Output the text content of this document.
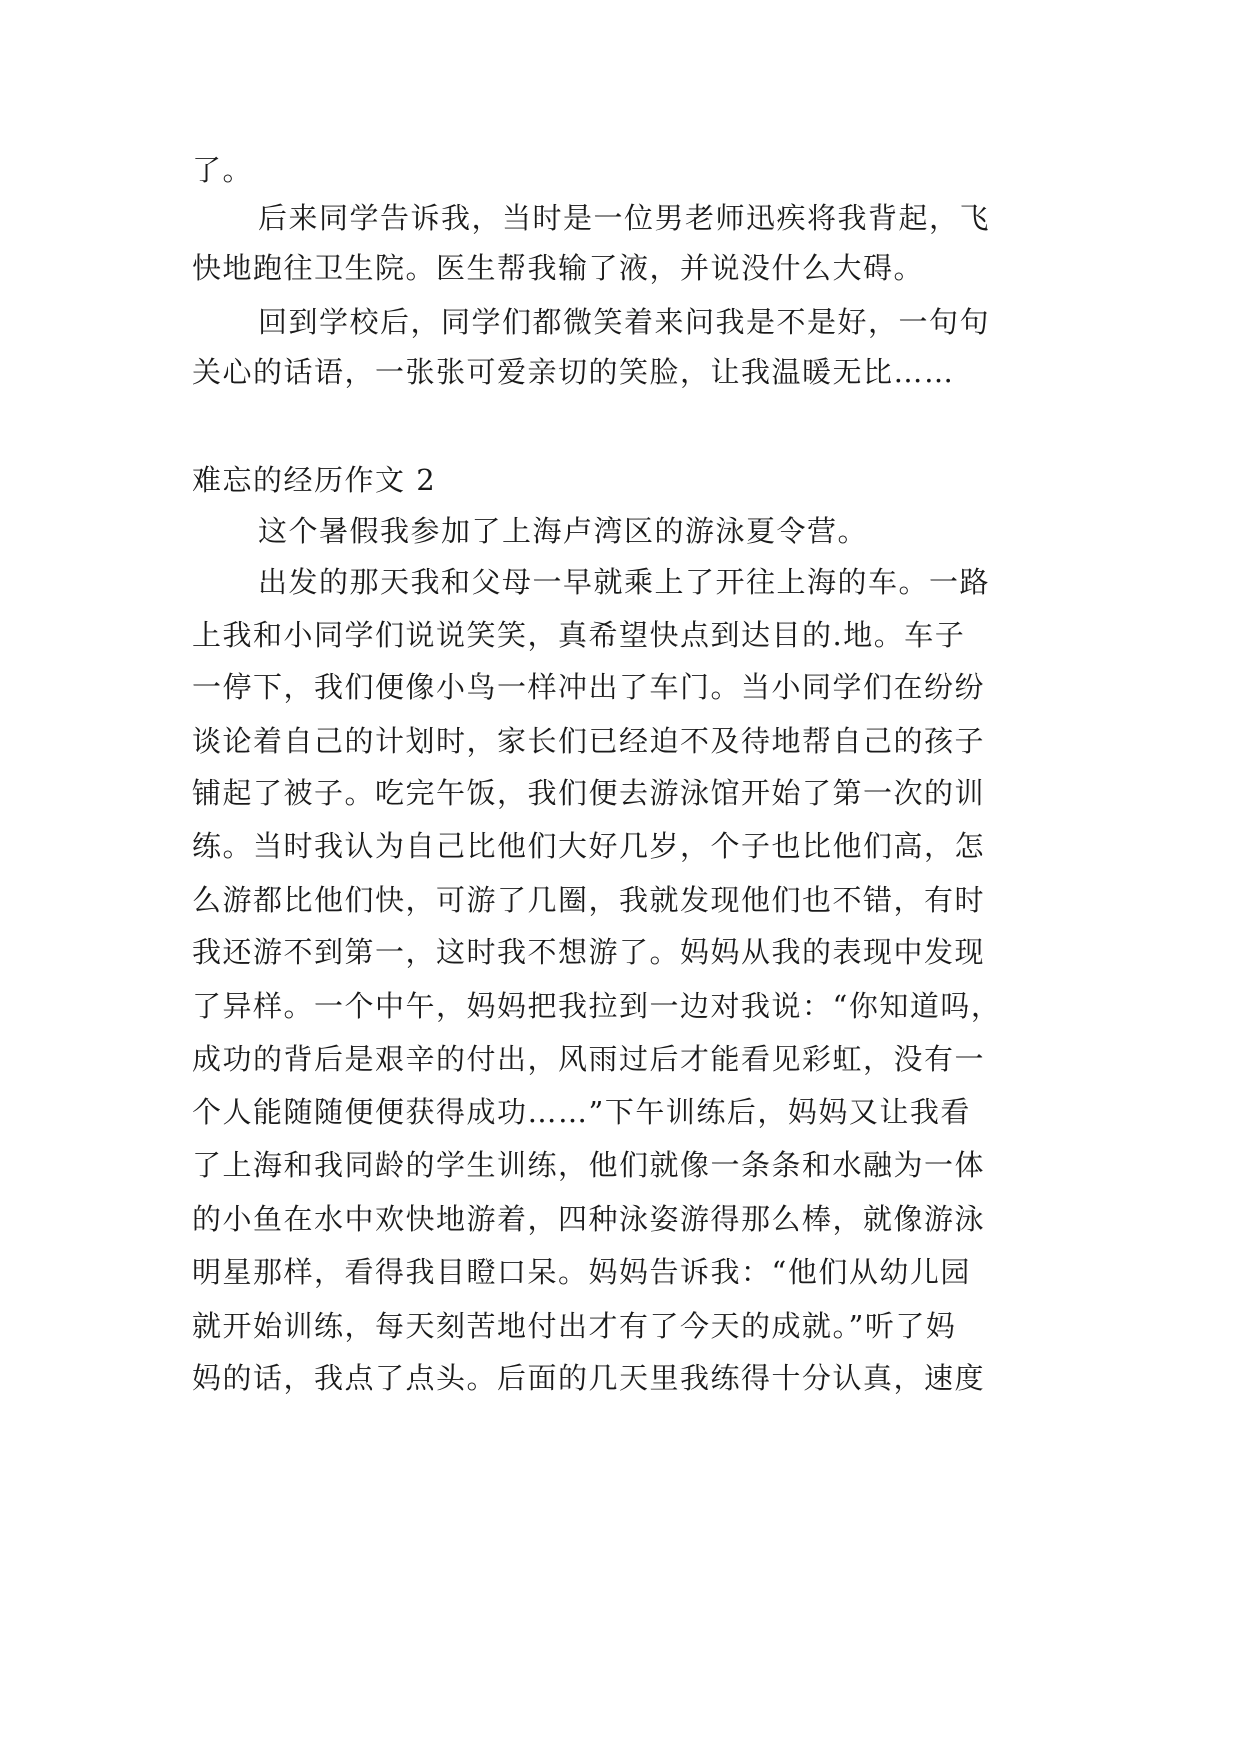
了。
后来同学告诉我，当时是一位男老师迅疾将我背起，飞
快地跑往卫生院。医生帮我输了液，并说没什么大碍。
回到学校后，同学们都微笑着来问我是不是好，一句句
关心的话语，一张张可爱亲切的笑脸，让我温暖无比……
难忘的经历作文 2
这个暑假我参加了上海卢湾区的游泳夏令营。
出发的那天我和父母一早就乘上了开往上海的车。一路
上我和小同学们说说笑笑，真希望快点到达目的.地。车子
一停下，我们便像小鸟一样冲出了车门。当小同学们在纷纷
谈论着自己的计划时，家长们已经迫不及待地帮自己的孩子
铺起了被子。吃完午饭，我们便去游泳馆开始了第一次的训
练。当时我认为自己比他们大好几岁，个子也比他们高，怎
么游都比他们快，可游了几圈，我就发现他们也不错，有时
我还游不到第一，这时我不想游了。妈妈从我的表现中发现
了异样。一个中午，妈妈把我拉到一边对我说：“你知道吗，
成功的背后是艰辛的付出，风雨过后才能看见彩虹，没有一
个人能随随便便获得成功……”下午训练后，妈妈又让我看
了上海和我同龄的学生训练，他们就像一条条和水融为一体
的小鱼在水中欢快地游着，四种泳姿游得那么棒，就像游泳
明星那样，看得我目瞪口呆。妈妈告诉我：“他们从幼儿园
就开始训练，每天刻苦地付出才有了今天的成就。”听了妈
妈的话，我点了点头。后面的几天里我练得十分认真，速度
